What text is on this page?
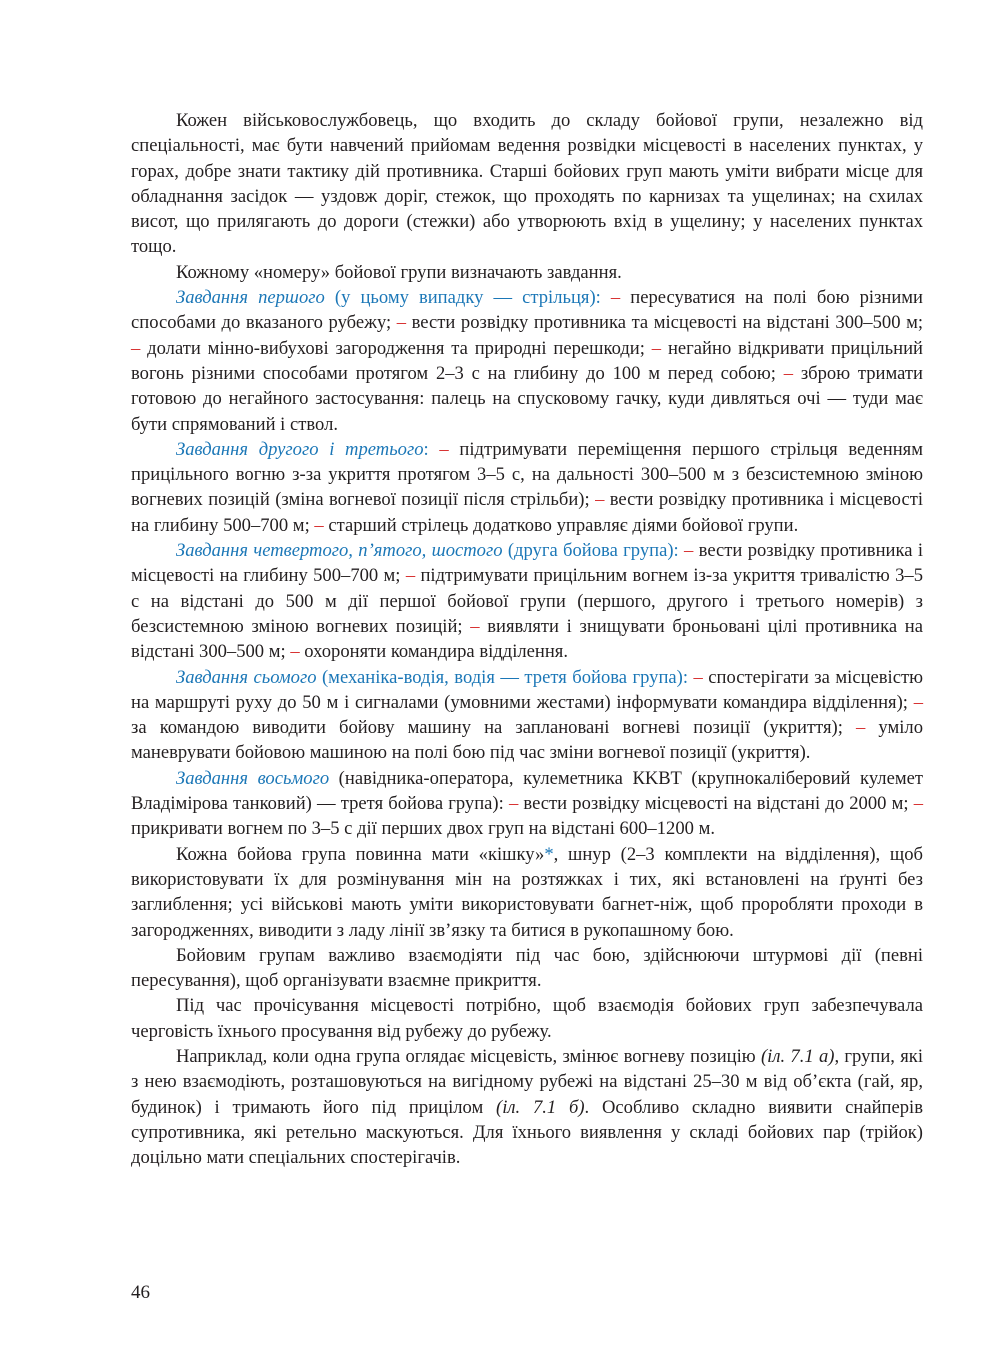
Кожен військовослужбовець, що входить до складу бойової групи, незалежно від спеціальності, має бути навчений прийомам ведення розвідки місцевості в населених пунктах, у горах, добре знати тактику дій противника. Старші бойових груп мають уміти вибрати місце для обладнання засідок — уздовж доріг, стежок, що проходять по карнизах та ущелинах; на схилах висот, що прилягають до дороги (стежки) або утворюють вхід в ущелину; у населених пунктах тощо.

Кожному «номеру» бойової групи визначають завдання.

Завдання першого (у цьому випадку — стрільця): – пересуватися на полі бою різними способами до вказаного рубежу; – вести розвідку противника та місцевості на відстані 300–500 м; – долати мінно-вибухові загородження та природні перешкоди; – негайно відкривати прицільний вогонь різними способами протягом 2–3 с на глибину до 100 м перед собою; – зброю тримати готовою до негайного застосування: палець на спусковому гачку, куди дивляться очі — туди має бути спрямований і ствол.

Завдання другого і третього: – підтримувати переміщення першого стрільця веденням прицільного вогню з-за укриття протягом 3–5 с, на дальності 300–500 м з безсистемною зміною вогневих позицій (зміна вогневої позиції після стрільби); – вести розвідку противника і місцевості на глибину 500–700 м; – старший стрілець додатково управляє діями бойової групи.

Завдання четвертого, п’ятого, шостого (друга бойова група): – вести розвідку противника і місцевості на глибину 500–700 м; – підтримувати прицільним вогнем із-за укриття тривалістю 3–5 с на відстані до 500 м дії першої бойової групи (першого, другого і третього номерів) з безсистемною зміною вогневих позицій; – виявляти і знищувати броньовані цілі противника на відстані 300–500 м; – охороняти командира відділення.

Завдання сьомого (механіка-водія, водія — третя бойова група): – спостерігати за місцевістю на маршруті руху до 50 м і сигналами (умовними жестами) інформувати командира відділення); – за командою виводити бойову машину на заплановані вогневі позиції (укриття); – уміло маневрувати бойовою машиною на полі бою під час зміни вогневої позиції (укриття).

Завдання восьмого (навідника-оператора, кулеметника КKВТ (крупнокаліберовий кулемет Владімірова танковий) — третя бойова група): – вести розвідку місцевості на відстані до 2000 м; – прикривати вогнем по 3–5 с дії перших двох груп на відстані 600–1200 м.

Кожна бойова група повинна мати «кішку»*, шнур (2–3 комплекти на відділення), щоб використовувати їх для розмінування мін на розтяжках і тих, які встановлені на ґрунті без заглиблення; усі військові мають уміти використовувати багнет-ніж, щоб проробляти проходи в загородженнях, виводити з ладу лінії зв’язку та битися в рукопашному бою.

Бойовим групам важливо взаємодіяти під час бою, здійснюючи штурмові дії (певні пересування), щоб організувати взаємне прикриття.

Під час прочісування місцевості потрібно, щоб взаємодія бойових груп забезпечувала черговість їхнього просування від рубежу до рубежу.

Наприклад, коли одна група оглядає місцевість, змінює вогневу позицію (іл. 7.1 а), групи, які з нею взаємодіють, розташовуються на вигідному рубежі на відстані 25–30 м від об’єкта (гай, яр, будинок) і тримають його під прицілом (іл. 7.1 б). Особливо складно виявити снайперів супротивника, які ретельно маскуються. Для їхнього виявлення у складі бойових пар (трійок) доцільно мати спеціальних спостерігачів.

46
